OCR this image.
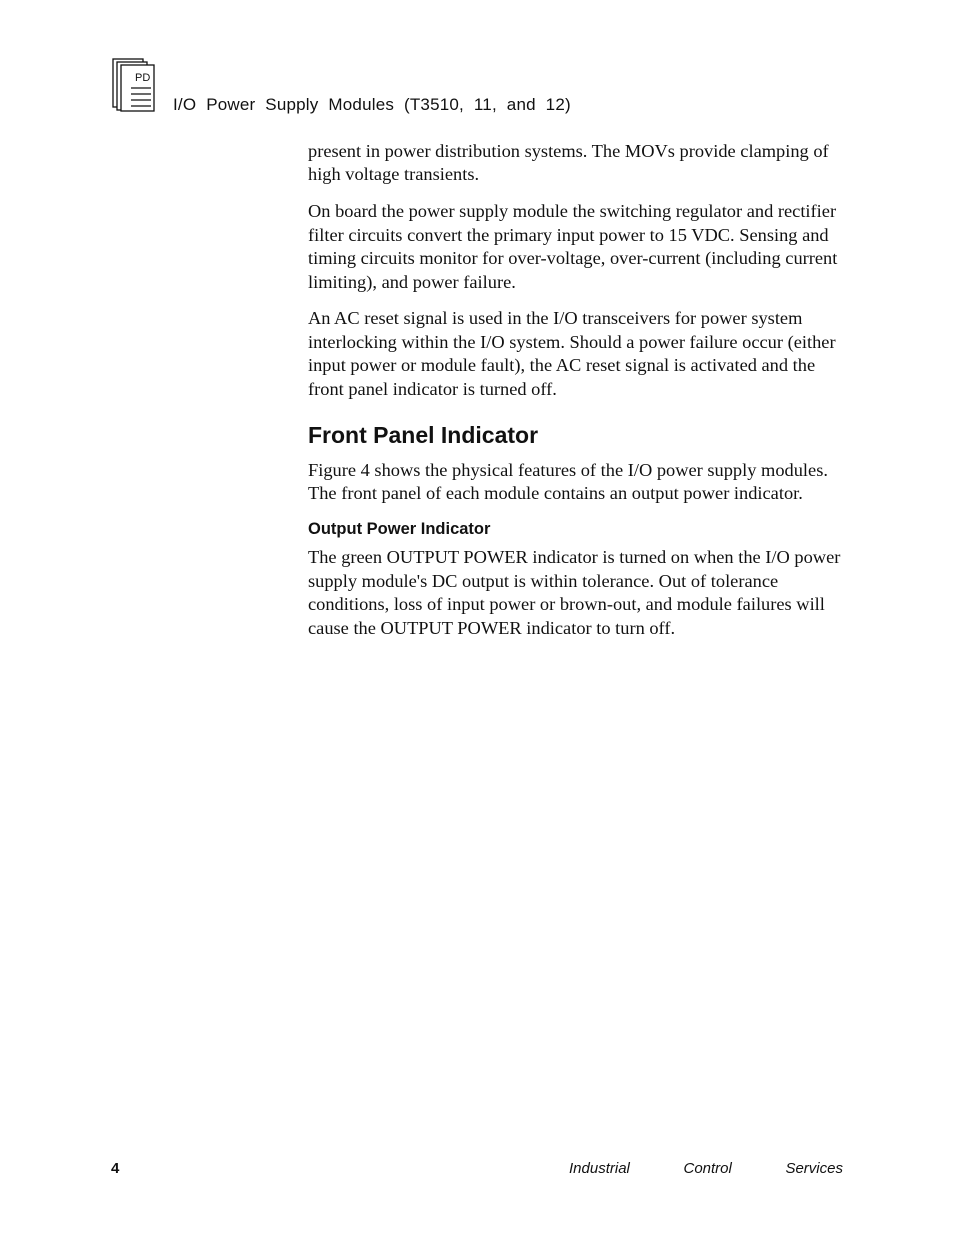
PD
I/O Power Supply Modules (T3510, 11, and 12)

present in power distribution systems. The MOVs provide clamping of high voltage transients.

On board the power supply module the switching regulator and rectifier filter circuits convert the primary input power to 15 VDC. Sensing and timing circuits monitor for over-voltage, over-current (including current limiting), and power failure.

An AC reset signal is used in the I/O transceivers for power system interlocking within the I/O system. Should a power failure occur (either input power or module fault), the AC reset signal is activated and the front panel indicator is turned off.

Front Panel Indicator

Figure 4 shows the physical features of the I/O power supply modules. The front panel of each module contains an output power indicator.

Output Power Indicator

The green OUTPUT POWER indicator is turned on when the I/O power supply module's DC output is within tolerance. Out of tolerance conditions, loss of input power or brown-out, and module failures will cause the OUTPUT POWER indicator to turn off.

4	Industrial	Control	Services
